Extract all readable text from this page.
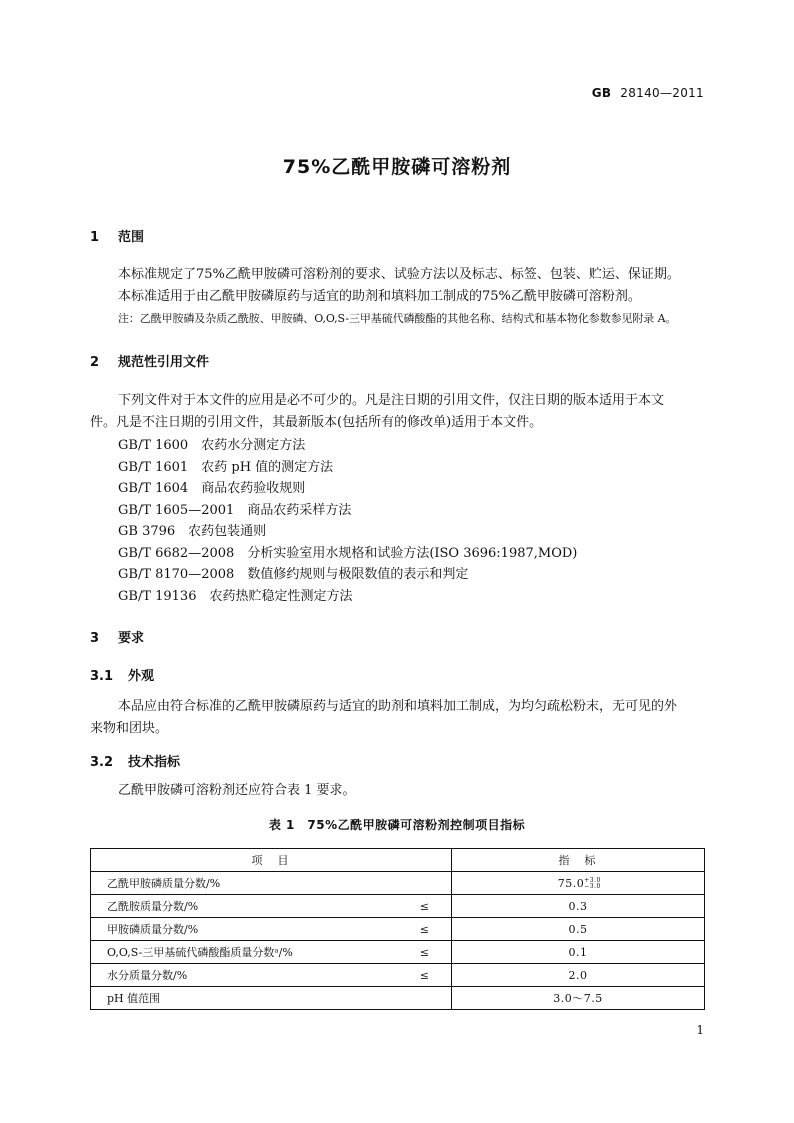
GB 28140—2011
75%乙酰甲胺磷可溶粉剂
1 范围
本标准规定了75%乙酰甲胺磷可溶粉剂的要求、试验方法以及标志、标签、包装、贮运、保证期。
本标准适用于由乙酰甲胺磷原药与适宜的助剂和填料加工制成的75%乙酰甲胺磷可溶粉剂。
注：乙酰甲胺磷及杂质乙酰胺、甲胺磷、O,O,S-三甲基硫代磷酸酯的其他名称、结构式和基本物化参数参见附录 A。
2 规范性引用文件
下列文件对于本文件的应用是必不可少的。凡是注日期的引用文件，仅注日期的版本适用于本文
件。凡是不注日期的引用文件，其最新版本(包括所有的修改单)适用于本文件。
GB/T 1600　 农药水分测定方法
GB/T 1601　 农药 pH 值的测定方法
GB/T 1604　 商品农药验收规则
GB/T 1605—2001　 商品农药采样方法
GB 3796　 农药包装通则
GB/T 6682—2008　 分析实验室用水规格和试验方法(ISO 3696:1987,MOD)
GB/T 8170—2008　 数值修约规则与极限数值的表示和判定
GB/T 19136　 农药热贮稳定性测定方法
3 要求
3.1 外观
本品应由符合标准的乙酰甲胺磷原药与适宜的助剂和填料加工制成，为均匀疏松粉末，无可见的外
来物和团块。
3.2 技术指标
乙酰甲胺磷可溶粉剂还应符合表 1 要求。
表 1　75%乙酰甲胺磷可溶粉剂控制项目指标
项　目	指　标

乙酰甲胺磷质量分数/%	75.0 +3.0
−3.0

乙酰胺质量分数/% ≤	0.3

甲胺磷质量分数/% ≤	0.5

O,O,S-三甲基硫代磷酸酯质量分数ᵃ/% ≤	0.1

水分质量分数/% ≤	2.0

pH 值范围	3.0～7.5
1
